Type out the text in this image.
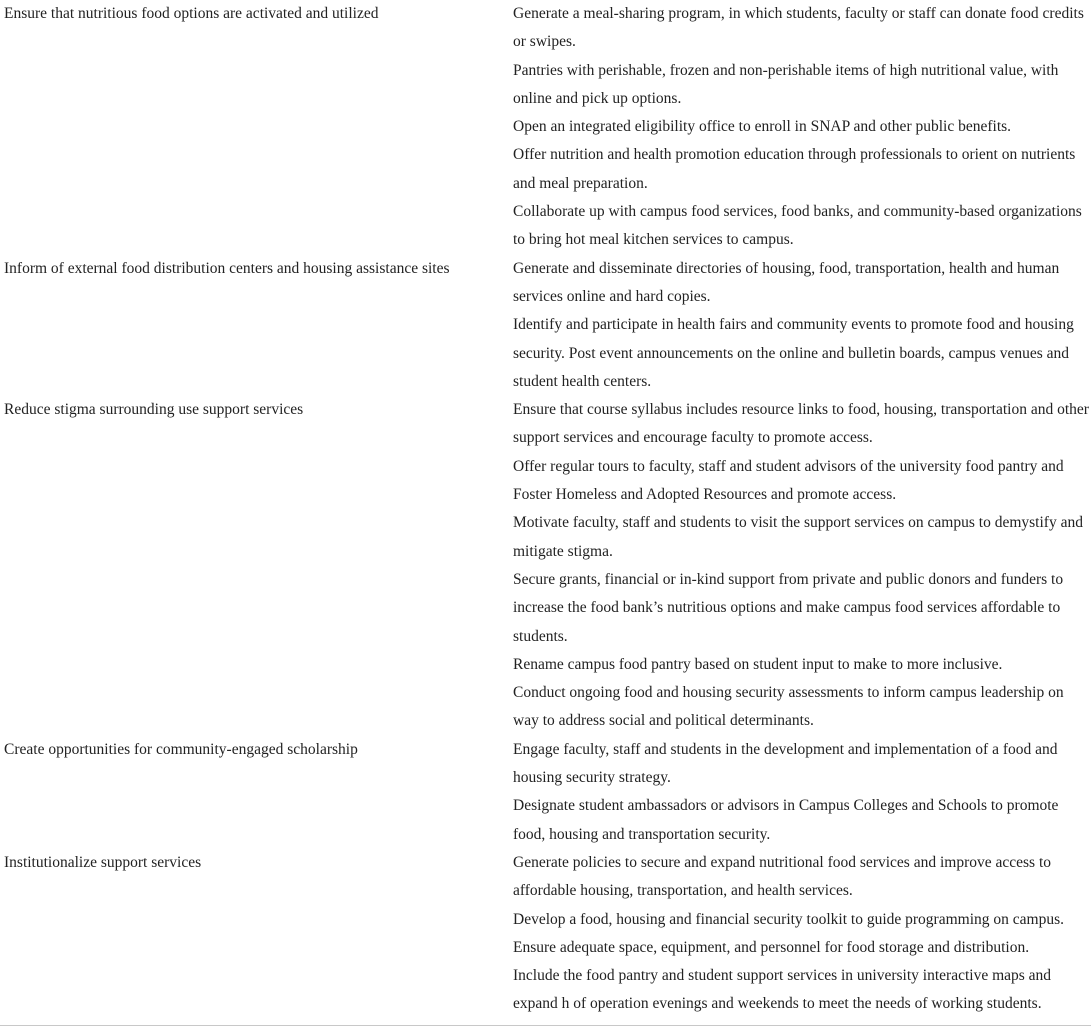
Ensure that nutritious food options are activated and utilized	Generate a meal-sharing program, in which students, faculty or staff can donate food credits or swipes.
Pantries with perishable, frozen and non-perishable items of high nutritional value, with online and pick up options.
Open an integrated eligibility office to enroll in SNAP and other public benefits.
Offer nutrition and health promotion education through professionals to orient on nutrients and meal preparation.
Collaborate up with campus food services, food banks, and community-based organizations to bring hot meal kitchen services to campus.
Inform of external food distribution centers and housing assistance sites	Generate and disseminate directories of housing, food, transportation, health and human services online and hard copies.
Identify and participate in health fairs and community events to promote food and housing security. Post event announcements on the online and bulletin boards, campus venues and student health centers.
Reduce stigma surrounding use support services	Ensure that course syllabus includes resource links to food, housing, transportation and other support services and encourage faculty to promote access.
Offer regular tours to faculty, staff and student advisors of the university food pantry and Foster Homeless and Adopted Resources and promote access.
Motivate faculty, staff and students to visit the support services on campus to demystify and mitigate stigma.
Secure grants, financial or in-kind support from private and public donors and funders to increase the food bank’s nutritious options and make campus food services affordable to students.
Rename campus food pantry based on student input to make to more inclusive.
Conduct ongoing food and housing security assessments to inform campus leadership on way to address social and political determinants.
Create opportunities for community-engaged scholarship	Engage faculty, staff and students in the development and implementation of a food and housing security strategy.
Designate student ambassadors or advisors in Campus Colleges and Schools to promote food, housing and transportation security.
Institutionalize support services	Generate policies to secure and expand nutritional food services and improve access to affordable housing, transportation, and health services.
Develop a food, housing and financial security toolkit to guide programming on campus.
Ensure adequate space, equipment, and personnel for food storage and distribution.
Include the food pantry and student support services in university interactive maps and expand h of operation evenings and weekends to meet the needs of working students.
